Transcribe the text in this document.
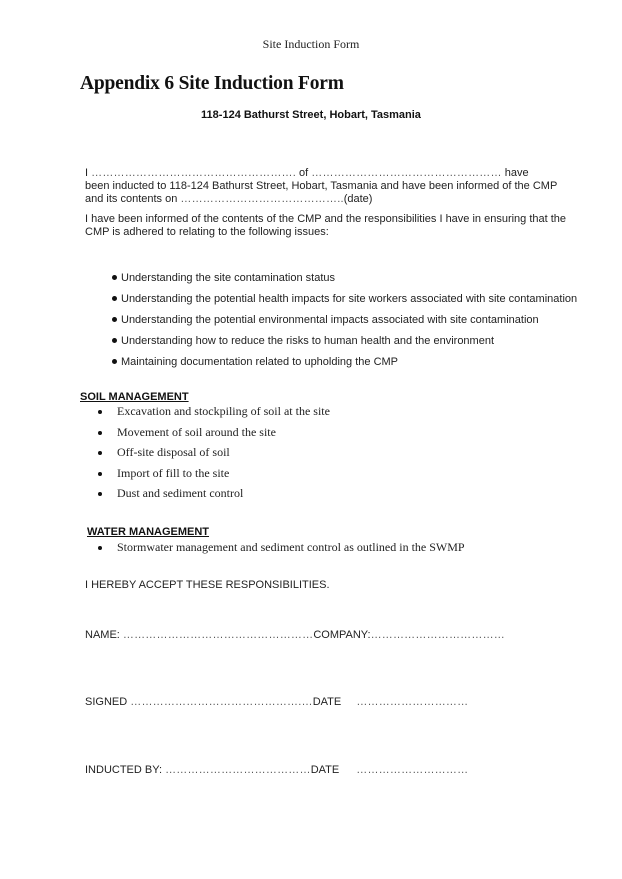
Site Induction Form
Appendix 6 Site Induction Form
118-124 Bathurst Street, Hobart, Tasmania
I ………………………………………………. of …………………………………………… have
been inducted to 118-124 Bathurst Street, Hobart, Tasmania and have been informed of the CMP
and its contents on ……………………………………..(date)
I have been informed of the contents of the CMP and the responsibilities I have in ensuring that the
CMP is adhered to relating to the following issues:
Understanding the site contamination status
Understanding the potential health impacts for site workers associated with site contamination
Understanding the potential environmental impacts associated with site contamination
Understanding how to reduce the risks to human health and the environment
Maintaining documentation related to upholding the CMP
SOIL MANAGEMENT
Excavation and stockpiling of soil at the site
Movement of soil around the site
Off-site disposal of soil
Import of fill to the site
Dust and sediment control
WATER MANAGEMENT
Stormwater management and sediment control as outlined in the SWMP
I HEREBY ACCEPT THESE RESPONSIBILITIES.
NAME: ……………………………………………COMPANY:………………………………
SIGNED ……………………………………….…DATE …………………………
INDUCTED BY: …………………………………DATE …………………………
